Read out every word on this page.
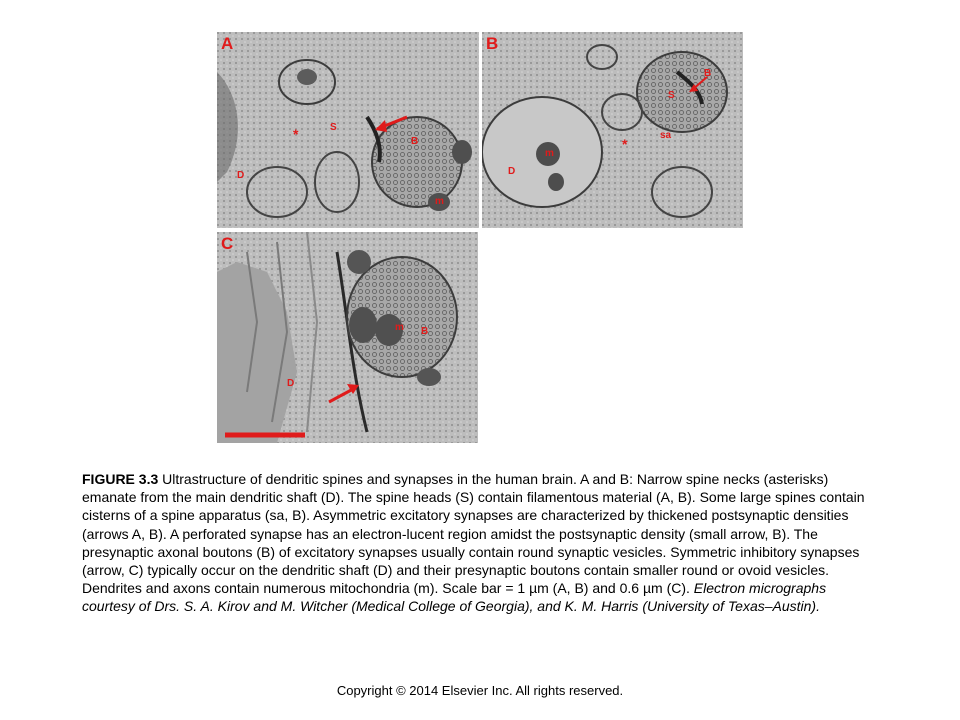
A
S
*	B
D
m
B
S
B
sa
*
m
D
C
B
m
D
FIGURE 3.3 Ultrastructure of dendritic spines and synapses in the human brain. A and B: Narrow spine necks (asterisks) emanate from the main dendritic shaft (D). The spine heads (S) contain filamentous material (A, B). Some large spines contain cisterns of a spine apparatus (sa, B). Asymmetric excitatory synapses are characterized by thickened postsynaptic densities (arrows A, B). A perforated synapse has an electron-lucent region amidst the postsynaptic density (small arrow, B). The presynaptic axonal boutons (B) of excitatory synapses usually contain round synaptic vesicles. Symmetric inhibitory synapses (arrow, C) typically occur on the dendritic shaft (D) and their presynaptic boutons contain smaller round or ovoid vesicles. Dendrites and axons contain numerous mitochondria (m). Scale bar = 1 µm (A, B) and 0.6 µm (C). Electron micrographs courtesy of Drs. S. A. Kirov and M. Witcher (Medical College of Georgia), and K. M. Harris (University of Texas–Austin).
Copyright © 2014 Elsevier Inc. All rights reserved.
